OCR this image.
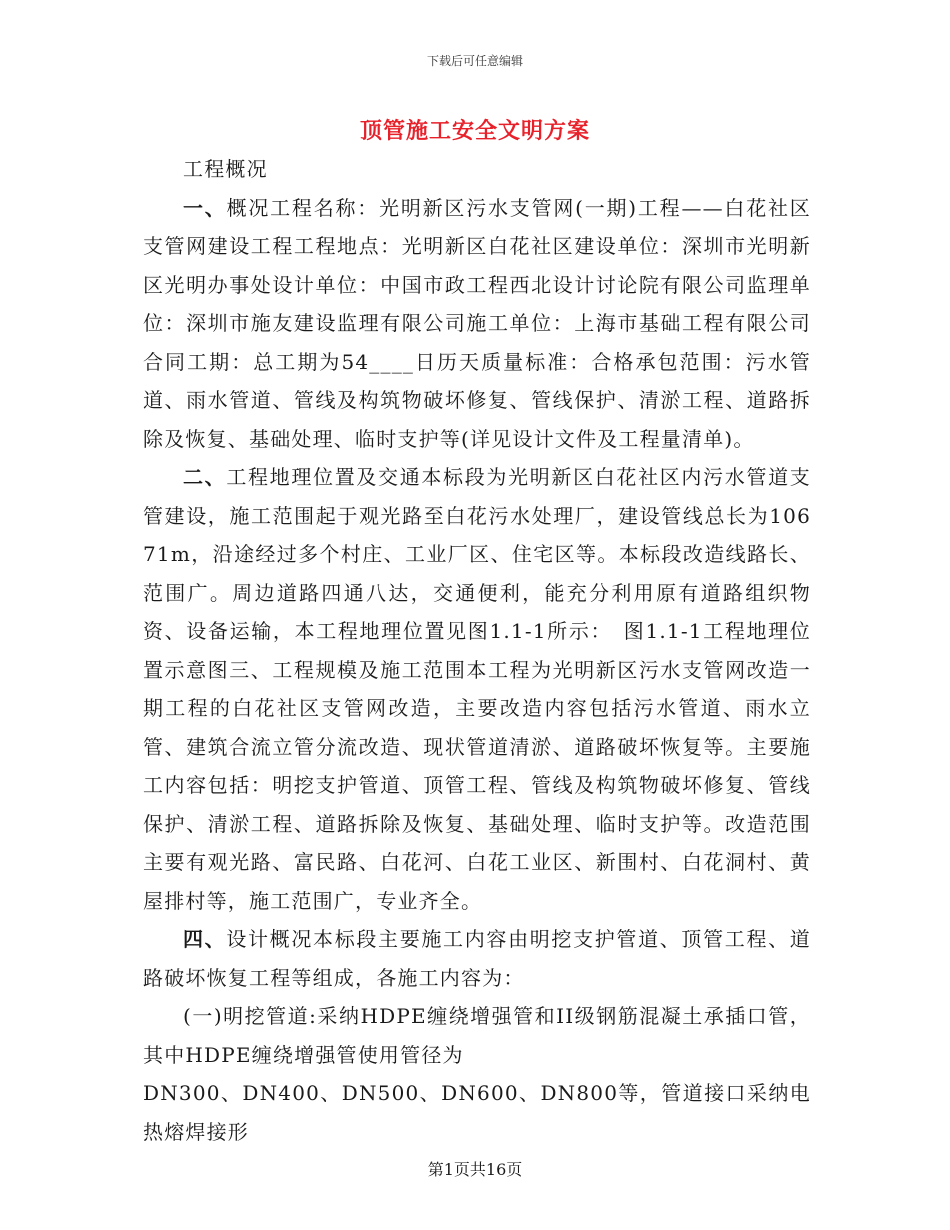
下载后可任意编辑
顶管施工安全文明方案

工程概况

一、概况工程名称：光明新区污水支管网(一期)工程——白花社区支管网建设工程工程地点：光明新区白花社区建设单位：深圳市光明新区光明办事处设计单位：中国市政工程西北设计讨论院有限公司监理单位：深圳市施友建设监理有限公司施工单位：上海市基础工程有限公司合同工期：总工期为54____日历天质量标准：合格承包范围：污水管道、雨水管道、管线及构筑物破坏修复、管线保护、清淤工程、道路拆除及恢复、基础处理、临时支护等(详见设计文件及工程量清单)。

二、工程地理位置及交通本标段为光明新区白花社区内污水管道支管建设，施工范围起于观光路至白花污水处理厂，建设管线总长为10671m，沿途经过多个村庄、工业厂区、住宅区等。本标段改造线路长、范围广。周边道路四通八达，交通便利，能充分利用原有道路组织物资、设备运输，本工程地理位置见图1.1-1所示：　图1.1-1工程地理位置示意图三、工程规模及施工范围本工程为光明新区污水支管网改造一期工程的白花社区支管网改造，主要改造内容包括污水管道、雨水立管、建筑合流立管分流改造、现状管道清淤、道路破坏恢复等。主要施工内容包括：明挖支护管道、顶管工程、管线及构筑物破坏修复、管线保护、清淤工程、道路拆除及恢复、基础处理、临时支护等。改造范围主要有观光路、富民路、白花河、白花工业区、新围村、白花洞村、黄屋排村等，施工范围广，专业齐全。

四、设计概况本标段主要施工内容由明挖支护管道、顶管工程、道路破坏恢复工程等组成，各施工内容为：

(一)明挖管道:采纳HDPE缠绕增强管和II级钢筋混凝土承插口管，其中HDPE缠绕增强管使用管径为

DN300、DN400、DN500、DN600、DN800等，管道接口采纳电热熔焊接形

第1页共16页
